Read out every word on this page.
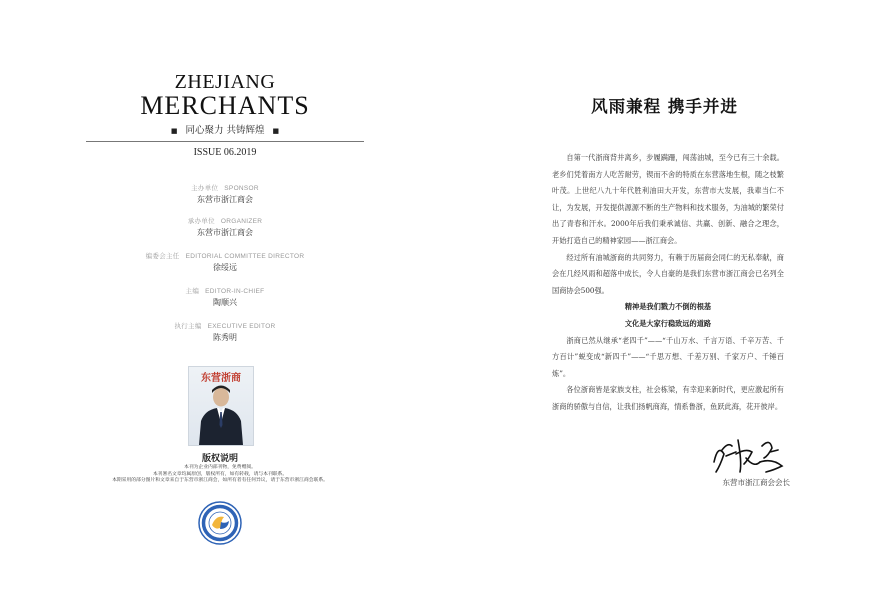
ZHEJIANG
MERCHANTS
■ 同心聚力 共铸辉煌 ■
ISSUE 06.2019
主办单位 SPONSOR
东营市浙江商会
承办单位 ORGANIZER
东营市浙江商会
编委会主任 EDITORIAL COMMITTEE DIRECTOR
徐绥远
主编 EDITOR-IN-CHIEF
陶顺兴
执行主编 EXECUTIVE EDITOR
陈秀明
东营浙商
版权说明
本刊为企业内部刊物，免费赠阅。
本刊署名文章均属原创，版权所有，如有转载，请与本刊联系。
本期采用的部分图片和文章来自于东营市浙江商会，如所有者有任何异议，请于东营市浙江商会联系。
风雨兼程 携手并进

自第一代浙商背井离乡，步履蹒跚，闯荡油城，至今已有三十余载。老乡们凭着南方人吃苦耐劳，锲而不舍的特质在东营落地生根，随之枝繁叶茂。上世纪八九十年代胜利油田大开发，东营市大发展，我辈当仁不让，为发展，开发提供源源不断的生产物料和技术服务，为油城的繁荣付出了青春和汗水。2000年后我们秉承诚信、共赢、创新、融合之理念，开始打造自己的精神家园——浙江商会。

经过所有油城浙商的共同努力，有赖于历届商会同仁的无私奉献，商会在几经风雨和超落中成长，令人自豪的是我们东营市浙江商会已名列全国商协会500强。

精神是我们戮力不倒的根基

文化是大家行稳致远的道路

浙商已然从继承“老四千”——“千山万水、千言万语、千辛万苦、千方百计”蜕变成“新四千”——“千思万想、千差万别、千家万户、千锤百炼”。

各位浙商皆是家族支柱，社会栋梁，有幸迎来新时代，更应激起所有浙商的骄傲与自信，让我们扬帆商海，情系鲁浙，鱼跃此海，花开彼岸。

东营市浙江商会会长
